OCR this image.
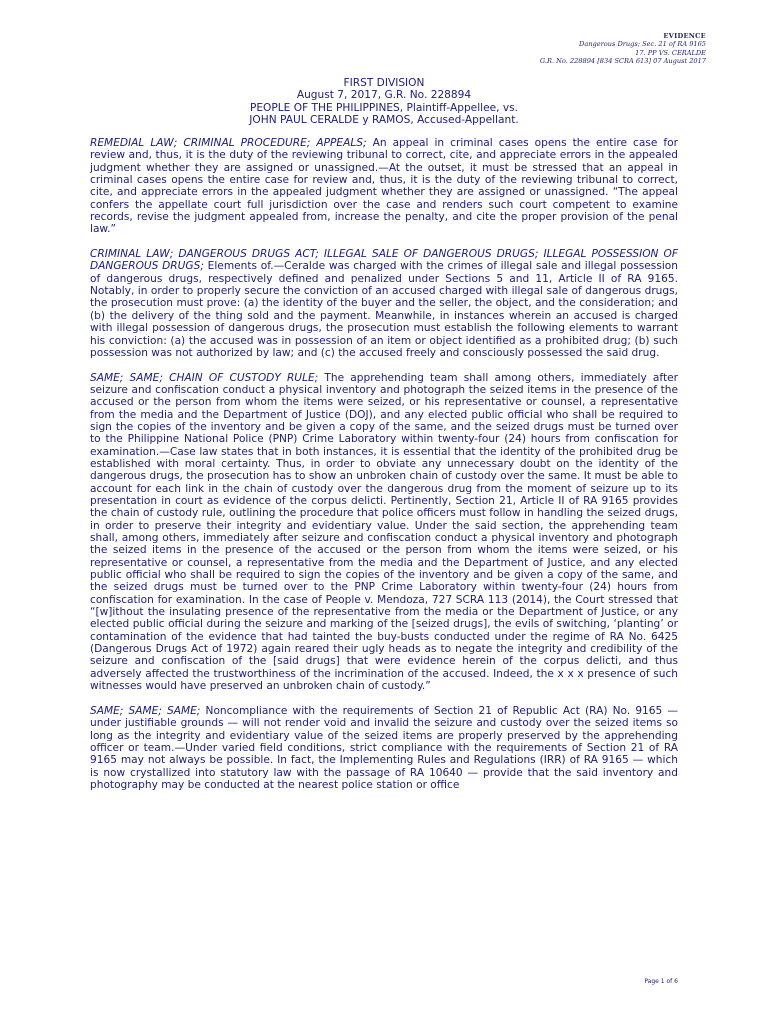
EVIDENCE
Dangerous Drugs; Sec. 21 of RA 9165
17. PP VS. CERALDE
G.R. No. 228894 [834 SCRA 613] 07 August 2017
FIRST DIVISION
August 7, 2017, G.R. No. 228894
PEOPLE OF THE PHILIPPINES, Plaintiff-Appellee, vs.
JOHN PAUL CERALDE y RAMOS, Accused-Appellant.

REMEDIAL LAW; CRIMINAL PROCEDURE; APPEALS; An appeal in criminal cases opens the entire case for review and, thus, it is the duty of the reviewing tribunal to correct, cite, and appreciate errors in the appealed judgment whether they are assigned or unassigned.—At the outset, it must be stressed that an appeal in criminal cases opens the entire case for review and, thus, it is the duty of the reviewing tribunal to correct, cite, and appreciate errors in the appealed judgment whether they are assigned or unassigned. “The appeal confers the appellate court full jurisdiction over the case and renders such court competent to examine records, revise the judgment appealed from, increase the penalty, and cite the proper provision of the penal law.”

CRIMINAL LAW; DANGEROUS DRUGS ACT; ILLEGAL SALE OF DANGEROUS DRUGS; ILLEGAL POSSESSION OF DANGEROUS DRUGS; Elements of.—Ceralde was charged with the crimes of illegal sale and illegal possession of dangerous drugs, respectively defined and penalized under Sections 5 and 11, Article II of RA 9165. Notably, in order to properly secure the conviction of an accused charged with illegal sale of dangerous drugs, the prosecution must prove: (a) the identity of the buyer and the seller, the object, and the consideration; and (b) the delivery of the thing sold and the payment. Meanwhile, in instances wherein an accused is charged with illegal possession of dangerous drugs, the prosecution must establish the following elements to warrant his conviction: (a) the accused was in possession of an item or object identified as a prohibited drug; (b) such possession was not authorized by law; and (c) the accused freely and consciously possessed the said drug.

SAME; SAME; CHAIN OF CUSTODY RULE; The apprehending team shall among others, immediately after seizure and confiscation conduct a physical inventory and photograph the seized items in the presence of the accused or the person from whom the items were seized, or his representative or counsel, a representative from the media and the Department of Justice (DOJ), and any elected public official who shall be required to sign the copies of the inventory and be given a copy of the same, and the seized drugs must be turned over to the Philippine National Police (PNP) Crime Laboratory within twenty-four (24) hours from confiscation for examination.—Case law states that in both instances, it is essential that the identity of the prohibited drug be established with moral certainty. Thus, in order to obviate any unnecessary doubt on the identity of the dangerous drugs, the prosecution has to show an unbroken chain of custody over the same. It must be able to account for each link in the chain of custody over the dangerous drug from the moment of seizure up to its presentation in court as evidence of the corpus delicti. Pertinently, Section 21, Article II of RA 9165 provides the chain of custody rule, outlining the procedure that police officers must follow in handling the seized drugs, in order to preserve their integrity and evidentiary value. Under the said section, the apprehending team shall, among others, immediately after seizure and confiscation conduct a physical inventory and photograph the seized items in the presence of the accused or the person from whom the items were seized, or his representative or counsel, a representative from the media and the Department of Justice, and any elected public official who shall be required to sign the copies of the inventory and be given a copy of the same, and the seized drugs must be turned over to the PNP Crime Laboratory within twenty-four (24) hours from confiscation for examination. In the case of People v. Mendoza, 727 SCRA 113 (2014), the Court stressed that “[w]ithout the insulating presence of the representative from the media or the Department of Justice, or any elected public official during the seizure and marking of the [seized drugs], the evils of switching, ‘planting’ or contamination of the evidence that had tainted the buy-busts conducted under the regime of RA No. 6425 (Dangerous Drugs Act of 1972) again reared their ugly heads as to negate the integrity and credibility of the seizure and confiscation of the [said drugs] that were evidence herein of the corpus delicti, and thus adversely affected the trustworthiness of the incrimination of the accused. Indeed, the x x x presence of such witnesses would have preserved an unbroken chain of custody.”

SAME; SAME; SAME; Noncompliance with the requirements of Section 21 of Republic Act (RA) No. 9165 — under justifiable grounds — will not render void and invalid the seizure and custody over the seized items so long as the integrity and evidentiary value of the seized items are properly preserved by the apprehending officer or team.—Under varied field conditions, strict compliance with the requirements of Section 21 of RA 9165 may not always be possible. In fact, the Implementing Rules and Regulations (IRR) of RA 9165 — which is now crystallized into statutory law with the passage of RA 10640 — provide that the said inventory and photography may be conducted at the nearest police station or office

Page 1 of 6
